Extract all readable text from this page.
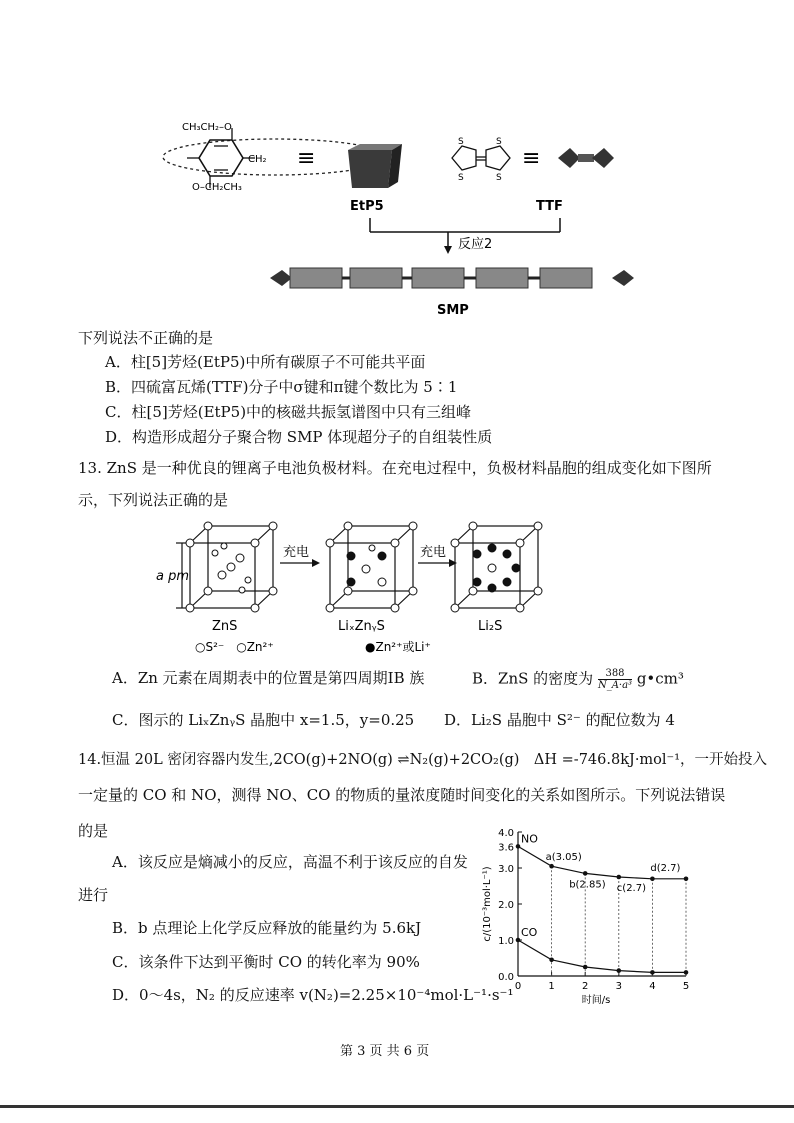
CH₃CH₂–O
O–CH₂CH₃
CH₂ ≡
EtP5
S
S
S
S
≡
TTF
反应2
SMP
下列说法不正确的是
A．柱[5]芳烃(EtP5)中所有碳原子不可能共平面
B．四硫富瓦烯(TTF)分子中σ键和π键个数比为 5∶1
C．柱[5]芳烃(EtP5)中的核磁共振氢谱图中只有三组峰
D．构造形成超分子聚合物 SMP 体现超分子的自组装性质
13. ZnS 是一种优良的锂离子电池负极材料。在充电过程中，负极材料晶胞的组成变化如下图所
示，下列说法正确的是
a pm
ZnS
充电
LiₓZnᵧS
充电
Li₂S
○S²⁻　○Zn²⁺	●Zn²⁺或Li⁺
A．Zn 元素在周期表中的位置是第四周期ⅠB 族	B．ZnS 的密度为 $\frac{388}{\text{N\_A·a³}}$ g•cm³
C．图示的 LiₓZnᵧS 晶胞中 x=1.5，y=0.25 D．Li₂S 晶胞中 S²⁻ 的配位数为 4
14.恒温 20L 密闭容器内发生,2CO(g)+2NO(g) ⇌N₂(g)+2CO₂(g)　ΔH =-746.8kJ·mol⁻¹，一开始投入
一定量的 CO 和 NO，测得 NO、CO 的物质的量浓度随时间变化的关系如图所示。下列说法错误
的是
A．该反应是熵减小的反应，高温不利于该反应的自发
进行
B．b 点理论上化学反应释放的能量约为 5.6kJ
C．该条件下达到平衡时 CO 的转化率为 90%
D．0～4s，N₂ 的反应速率 v(N₂)=2.25×10⁻⁴mol·L⁻¹·s⁻¹
0.0
1.0
2.0
3.0
4.0
3.6
0	1	2	3	4	5
时间/s
c/(10⁻³mol·L⁻¹)
NO
CO
a(3.05)
b(2.85) c(2.7)
d(2.7)
第 3 页 共 6 页
